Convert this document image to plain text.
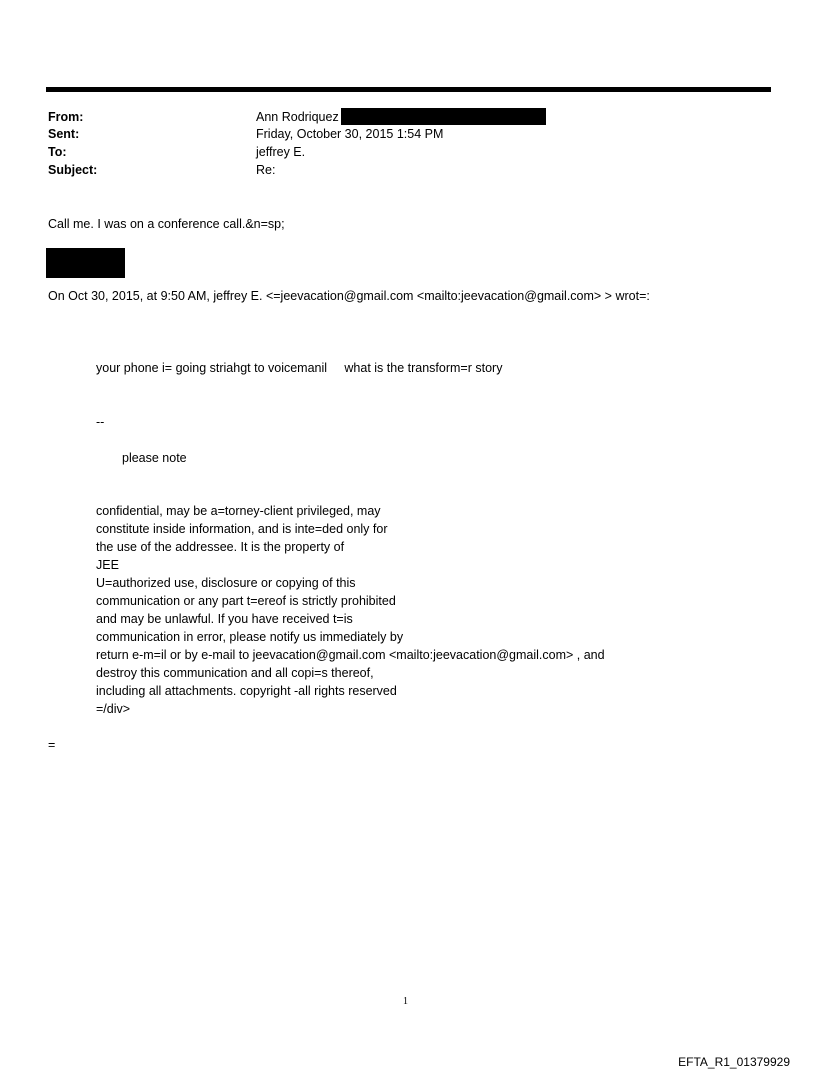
From:	Ann Rodriquez
Sent:	Friday, October 30, 2015 1:54 PM
To:	jeffrey E.
Subject:	Re:
Call me. I was on a conference call.&n=sp;
On Oct 30, 2015, at 9:50 AM, jeffrey E. <=jeevacation@gmail.com <mailto:jeevacation@gmail.com> > wrot=:
your phone i= going striahgt to voicemanil     what is the transform=r story
--
please note
confidential, may be a=torney-client privileged, may
constitute inside information, and is inte=ded only for
the use of the addressee. It is the property of
JEE
U=authorized use, disclosure or copying of this
communication or any part t=ereof is strictly prohibited
and may be unlawful. If you have received t=is
communication in error, please notify us immediately by
return e-m=il or by e-mail to jeevacation@gmail.com <mailto:jeevacation@gmail.com> , and
destroy this communication and all copi=s thereof,
including all attachments. copyright -all rights reserved
=/div>
=
1
EFTA_R1_01379929
